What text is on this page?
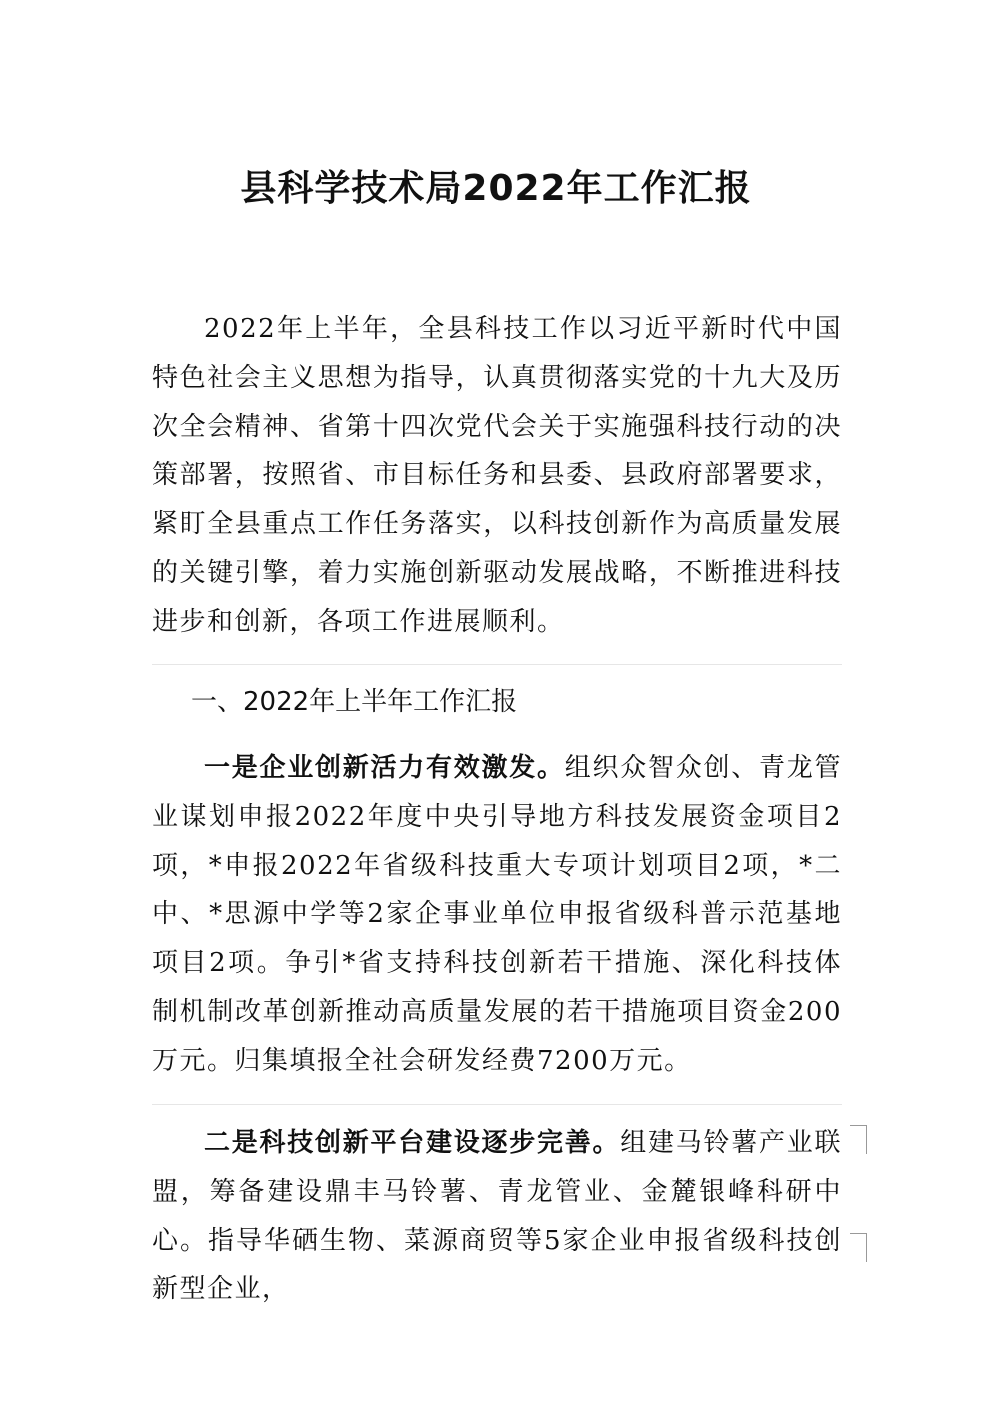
县科学技术局2022年工作汇报

2022年上半年，全县科技工作以习近平新时代中国特色社会主义思想为指导，认真贯彻落实党的十九大及历次全会精神、省第十四次党代会关于实施强科技行动的决策部署，按照省、市目标任务和县委、县政府部署要求，紧盯全县重点工作任务落实，以科技创新作为高质量发展的关键引擎，着力实施创新驱动发展战略，不断推进科技进步和创新，各项工作进展顺利。

一、2022年上半年工作汇报

一是企业创新活力有效激发。组织众智众创、青龙管业谋划申报2022年度中央引导地方科技发展资金项目2项，*申报2022年省级科技重大专项计划项目2项，*二中、*思源中学等2家企事业单位申报省级科普示范基地项目2项。争引*省支持科技创新若干措施、深化科技体制机制改革创新推动高质量发展的若干措施项目资金200万元。归集填报全社会研发经费7200万元。

二是科技创新平台建设逐步完善。组建马铃薯产业联盟，筹备建设鼎丰马铃薯、青龙管业、金麓银峰科研中心。指导华硒生物、菜源商贸等5家企业申报省级科技创新型企业，
